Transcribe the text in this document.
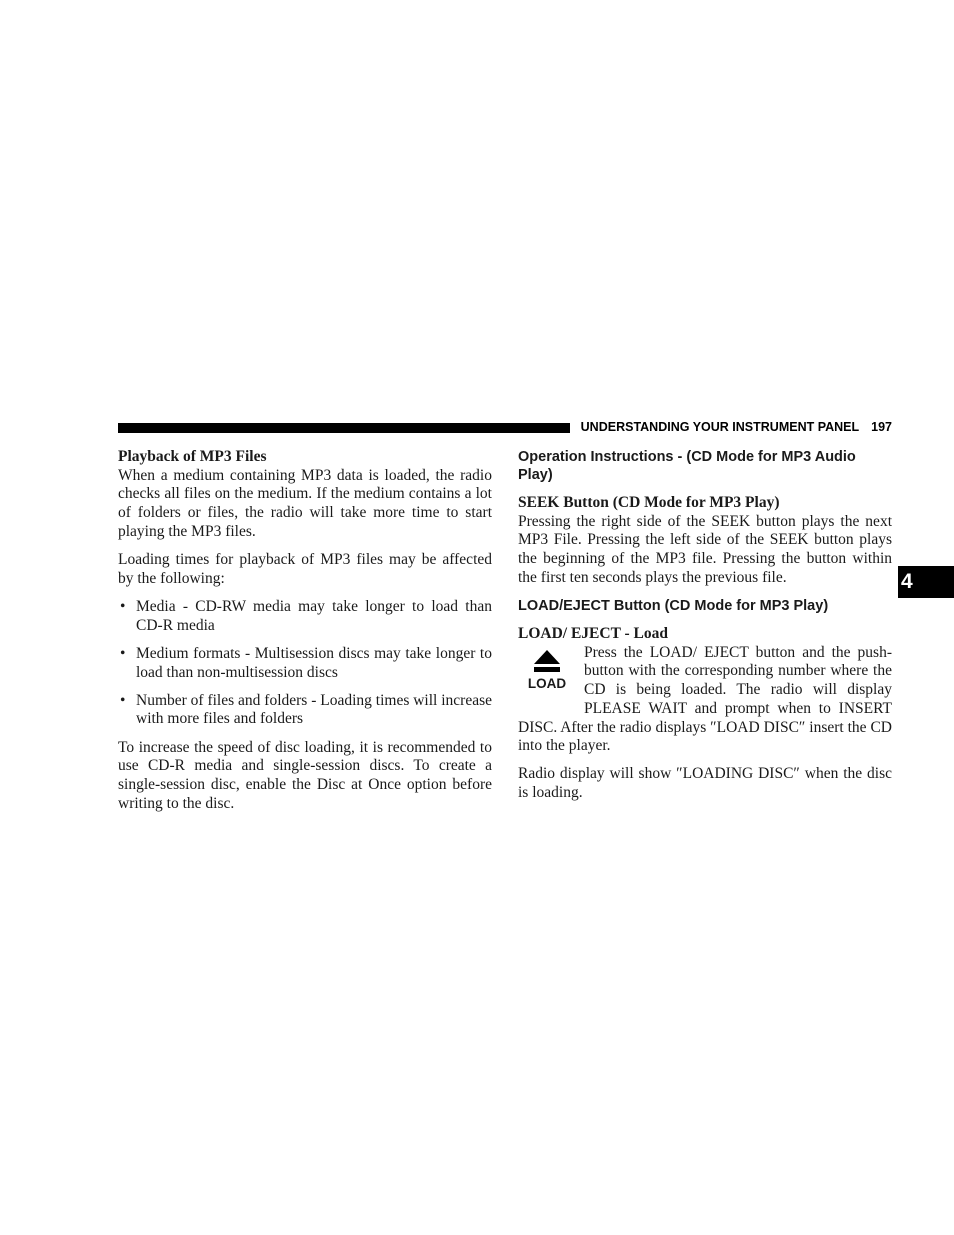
UNDERSTANDING YOUR INSTRUMENT PANEL 197
4
Playback of MP3 Files

When a medium containing MP3 data is loaded, the radio checks all files on the medium. If the medium contains a lot of folders or files, the radio will take more time to start playing the MP3 files.

Loading times for playback of MP3 files may be affected by the following:

• Media - CD-RW media may take longer to load than CD-R media
• Medium formats - Multisession discs may take longer to load than non-multisession discs
• Number of files and folders - Loading times will increase with more files and folders

To increase the speed of disc loading, it is recommended to use CD-R media and single-session discs. To create a single-session disc, enable the Disc at Once option before writing to the disc.

Operation Instructions - (CD Mode for MP3 Audio Play)
SEEK Button (CD Mode for MP3 Play)

Pressing the right side of the SEEK button plays the next MP3 File. Pressing the left side of the SEEK button plays the beginning of the MP3 file. Pressing the button within the first ten seconds plays the previous file.

LOAD/EJECT Button (CD Mode for MP3 Play)
LOAD/ EJECT - Load
LOAD

Press the LOAD/ EJECT button and the push-button with the corresponding number where the CD is being loaded. The radio will display PLEASE WAIT and prompt when to INSERT DISC. After the radio displays ″LOAD DISC″ insert the CD into the player.

Radio display will show ″LOADING DISC″ when the disc is loading.
